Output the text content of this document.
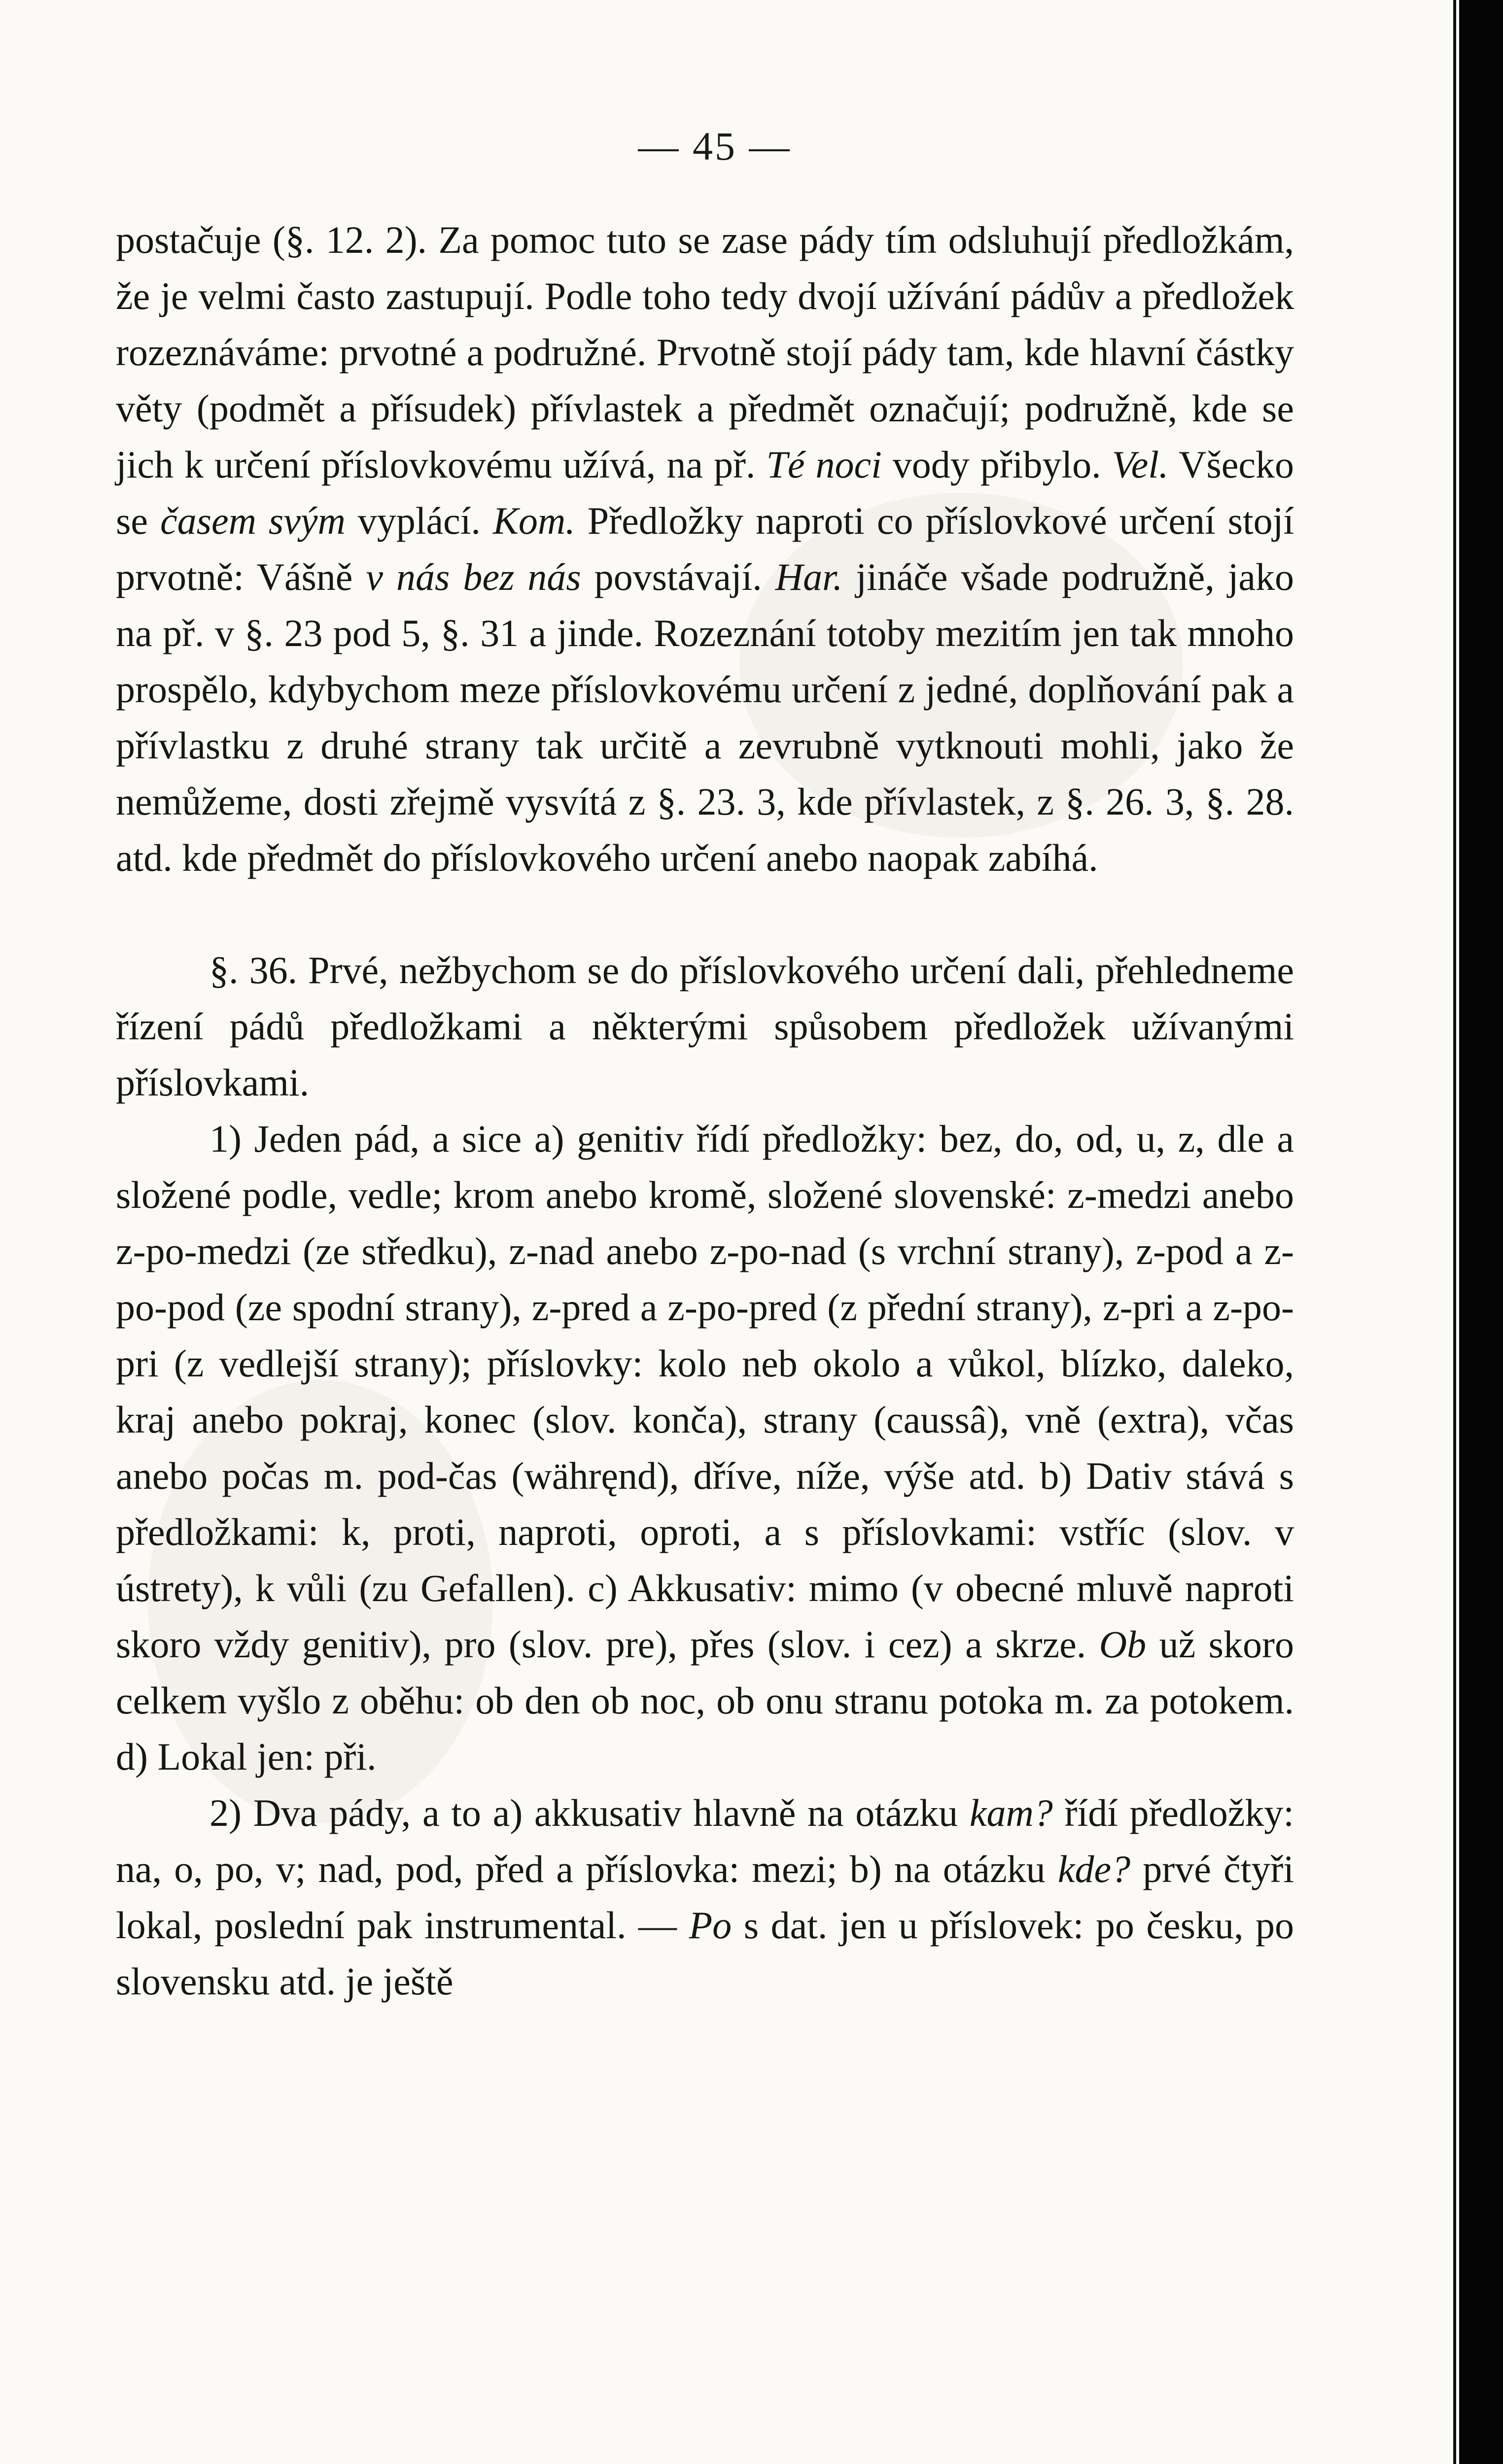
— 45 —

postačuje (§. 12. 2). Za pomoc tuto se zase pády tím odsluhují předložkám, že je velmi často zastupují. Podle toho tedy dvojí užívání pádův a předložek rozeznáváme: prvotné a podružné. Prvotně stojí pády tam, kde hlavní částky věty (podmět a přísudek) přívlastek a předmět označují; podružně, kde se jich k určení příslovkovému užívá, na př. Té noci vody přibylo. Vel. Všecko se časem svým vyplácí. Kom. Předložky naproti co příslovkové určení stojí prvotně: Vášně v nás bez nás povstávají. Har. jináče všade podružně, jako na př. v §. 23 pod 5, §. 31 a jinde. Rozeznání totoby mezitím jen tak mnoho prospělo, kdybychom meze příslovkovému určení z jedné, doplňování pak a přívlastku z druhé strany tak určitě a zevrubně vytknouti mohli, jako že nemůžeme, dosti zřejmě vysvítá z §. 23. 3, kde přívlastek, z §. 26. 3, §. 28. atd. kde předmět do příslovkového určení anebo naopak zabíhá.

§. 36. Prvé, nežbychom se do příslovkového určení dali, přehledneme řízení pádů předložkami a některými spůsobem předložek užívanými příslovkami.

1) Jeden pád, a sice a) genitiv řídí předložky: bez, do, od, u, z, dle a složené podle, vedle; krom anebo kromě, složené slovenské: z-medzi anebo z-po-medzi (ze středku), z-nad anebo z-po-nad (s vrchní strany), z-pod a z-po-pod (ze spodní strany), z-pred a z-po-pred (z přední strany), z-pri a z-po-pri (z vedlejší strany); příslovky: kolo neb okolo a vůkol, blízko, daleko, kraj anebo pokraj, konec (slov. konča), strany (caussâ), vně (extra), včas anebo počas m. pod-čas (währęnd), dříve, níže, výše atd. b) Dativ stává s předložkami: k, proti, naproti, oproti, a s příslovkami: vstříc (slov. v ústrety), k vůli (zu Gefallen). c) Akkusativ: mimo (v obecné mluvě naproti skoro vždy genitiv), pro (slov. pre), přes (slov. i cez) a skrze. Ob už skoro celkem vyšlo z oběhu: ob den ob noc, ob onu stranu potoka m. za potokem. d) Lokal jen: při.

2) Dva pády, a to a) akkusativ hlavně na otázku kam? řídí předložky: na, o, po, v; nad, pod, před a příslovka: mezi; b) na otázku kde? prvé čtyři lokal, poslední pak instrumental. — Po s dat. jen u příslovek: po česku, po slovensku atd. je ještě
